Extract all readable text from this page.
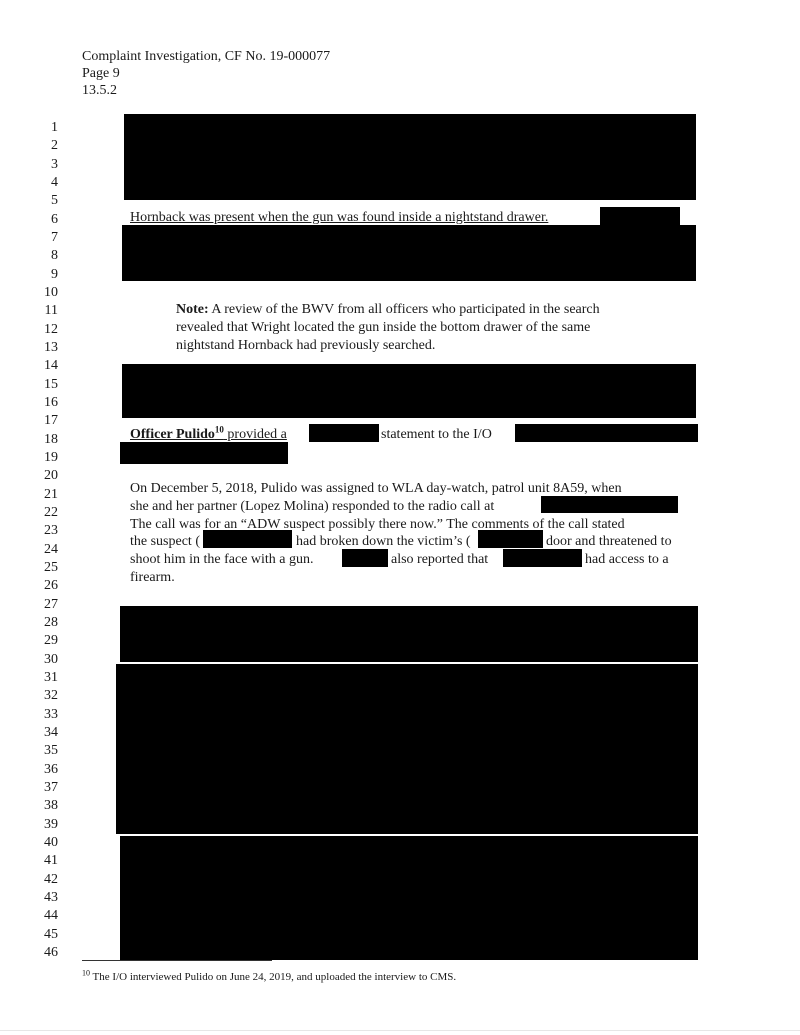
Complaint Investigation, CF No. 19-000077
Page 9
13.5.2
1
2
3
4
5
6
7
8
9
10
11
12
13
14
15
16
17
18
19
20
21
22
23
24
25
26
27
28
29
30
31
32
33
34
35
36
37
38
39
40
41
42
43
44
45
46
Hornback was present when the gun was found inside a nightstand drawer.
Note: A review of the BWV from all officers who participated in the search
revealed that Wright located the gun inside the bottom drawer of the same
nightstand Hornback had previously searched.
Officer Pulido$^{10}$ provided a	statement to the I/O
On December 5, 2018, Pulido was assigned to WLA day-watch, patrol unit 8A59, when
she and her partner (Lopez Molina) responded to the radio call at
The call was for an “ADW suspect possibly there now.” The comments of the call stated
the suspect (	had broken down the victim’s (	door and threatened to
shoot him in the face with a gun.	also reported that	had access to a
firearm.
$^{10}$ The I/O interviewed Pulido on June 24, 2019, and uploaded the interview to CMS.
